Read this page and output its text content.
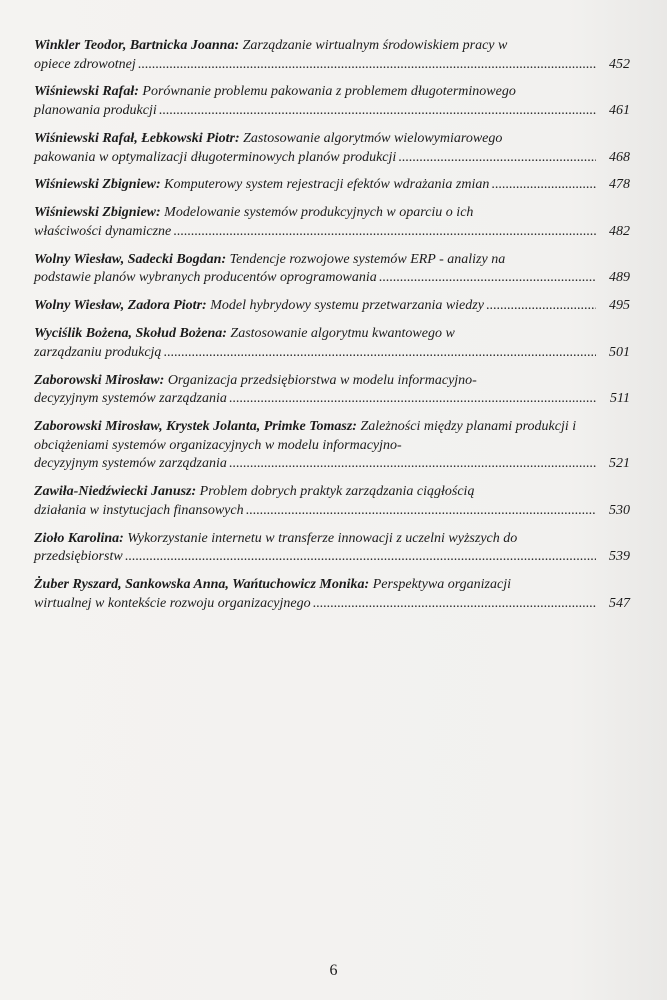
Winkler Teodor, Bartnicka Joanna: Zarządzanie wirtualnym środowiskiem pracy w
opiece zdrowotnej .....	452
Wiśniewski Rafał: Porównanie problemu pakowania z problemem długoterminowego
planowania produkcji .....	461
Wiśniewski Rafał, Łebkowski Piotr: Zastosowanie algorytmów wielowymiarowego
pakowania w optymalizacji długoterminowych planów produkcji .....	468
Wiśniewski Zbigniew: Komputerowy system rejestracji efektów wdrażania zmian .....	478
Wiśniewski Zbigniew: Modelowanie systemów produkcyjnych w oparciu o ich
właściwości dynamiczne .....	482
Wolny Wiesław, Sadecki Bogdan: Tendencje rozwojowe systemów ERP - analizy na
podstawie planów wybranych producentów oprogramowania .....	489
Wolny Wiesław, Zadora Piotr: Model hybrydowy systemu przetwarzania wiedzy .....	495
Wyciślik Bożena, Skołud Bożena: Zastosowanie algorytmu kwantowego w
zarządzaniu produkcją .....	501
Zaborowski Mirosław: Organizacja przedsiębiorstwa w modelu informacyjno-
decyzyjnym systemów zarządzania .....	511
Zaborowski Mirosław, Krystek Jolanta, Primke Tomasz: Zależności między planami produkcji i obciążeniami systemów organizacyjnych w modelu informacyjno-
decyzyjnym systemów zarządzania .....	521
Zawiła-Niedźwiecki Janusz: Problem dobrych praktyk zarządzania ciągłością
działania w instytucjach finansowych .....	530
Zioło Karolina: Wykorzystanie internetu w transferze innowacji z uczelni wyższych do
przedsiębiorstw .....	539
Żuber Ryszard, Sankowska Anna, Wańtuchowicz Monika: Perspektywa organizacji
wirtualnej w kontekście rozwoju organizacyjnego .....	547
6
